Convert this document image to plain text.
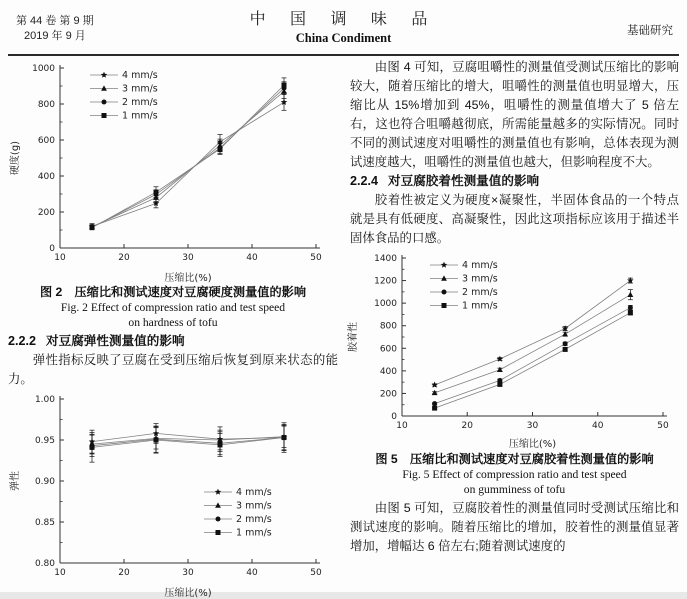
第 44 卷 第 9 期
2019 年 9 月
中 国 调 味 品
China Condiment	基础研究
0
200
400
600
800
1000
10	20	30	40	50
压缩比(%)
硬度(g)
4 mm/s
3 mm/s
2 mm/s
1 mm/s
图 2　压缩比和测试速度对豆腐硬度测量值的影响
Fig. 2 Effect of compression ratio and test speed
on hardness of tofu
2.2.2 对豆腐弹性测量值的影响

弹性指标反映了豆腐在受到压缩后恢复到原来状态的能力。

0.80
0.85
0.90
0.95
1.00
10	20	30	40	50
压缩比(%)
弹性
4 mm/s
3 mm/s
2 mm/s
1 mm/s

由图 4 可知，豆腐咀嚼性的测量值受测试压缩比的影响较大，随着压缩比的增大，咀嚼性的测量值也明显增大，压缩比从 15%增加到 45%，咀嚼性的测量值增大了 5 倍左右，这也符合咀嚼越彻底，所需能量越多的实际情况。同时不同的测试速度对咀嚼性的测量值也有影响，总体表现为测试速度越大，咀嚼性的测量值也越大，但影响程度不大。

2.2.4 对豆腐胶着性测量值的影响

胶着性被定义为硬度×凝聚性，半固体食品的一个特点就是具有低硬度、高凝聚性，因此这项指标应该用于描述半固体食品的口感。

0
200
400
600
800
1000
1200
1400
10	20	30	40	50
压缩比(%)
胶着性
4 mm/s
3 mm/s
2 mm/s
1 mm/s
图 5　压缩比和测试速度对豆腐胶着性测量值的影响
Fig. 5 Effect of compression ratio and test speed
on gumminess of tofu

由图 5 可知，豆腐胶着性的测量值同时受测试压缩比和测试速度的影响。随着压缩比的增加，胶着性的测量值显著增加，增幅达 6 倍左右;随着测试速度的
